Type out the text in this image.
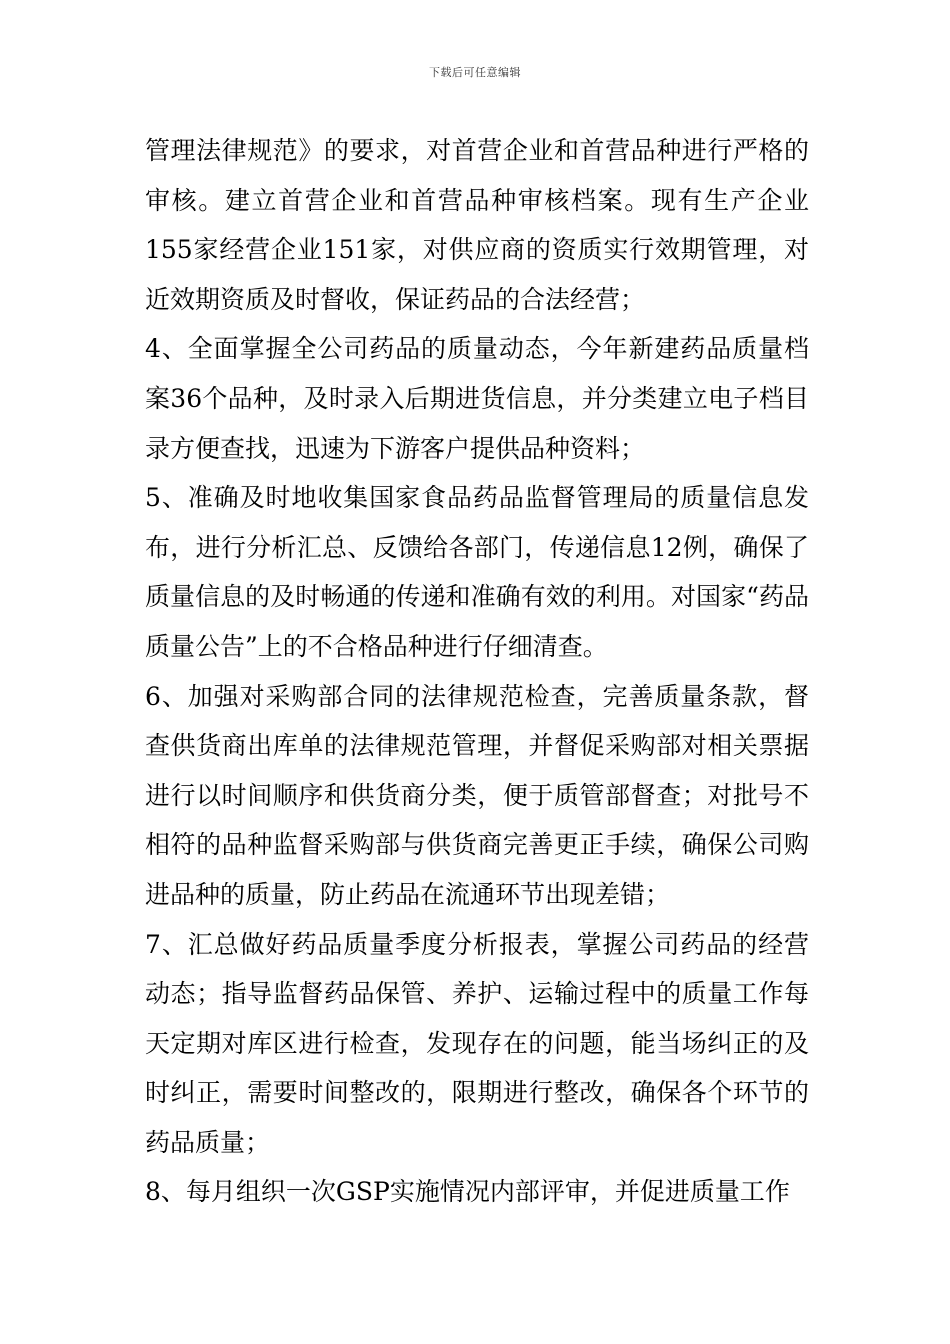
下载后可任意编辑

管理法律规范》的要求，对首营企业和首营品种进行严格的审核。建立首营企业和首营品种审核档案。现有生产企业155家经营企业151家，对供应商的资质实行效期管理，对近效期资质及时督收，保证药品的合法经营；

4、全面掌握全公司药品的质量动态，今年新建药品质量档案36个品种，及时录入后期进货信息，并分类建立电子档目录方便查找，迅速为下游客户提供品种资料；

5、准确及时地收集国家食品药品监督管理局的质量信息发布，进行分析汇总、反馈给各部门，传递信息12例，确保了质量信息的及时畅通的传递和准确有效的利用。对国家“药品质量公告”上的不合格品种进行仔细清查。

6、加强对采购部合同的法律规范检查，完善质量条款，督查供货商出库单的法律规范管理，并督促采购部对相关票据进行以时间顺序和供货商分类，便于质管部督查；对批号不相符的品种监督采购部与供货商完善更正手续，确保公司购进品种的质量，防止药品在流通环节出现差错；

7、汇总做好药品质量季度分析报表，掌握公司药品的经营动态；指导监督药品保管、养护、运输过程中的质量工作每天定期对库区进行检查，发现存在的问题，能当场纠正的及时纠正，需要时间整改的，限期进行整改，确保各个环节的药品质量；

8、每月组织一次GSP实施情况内部评审，并促进质量工作
